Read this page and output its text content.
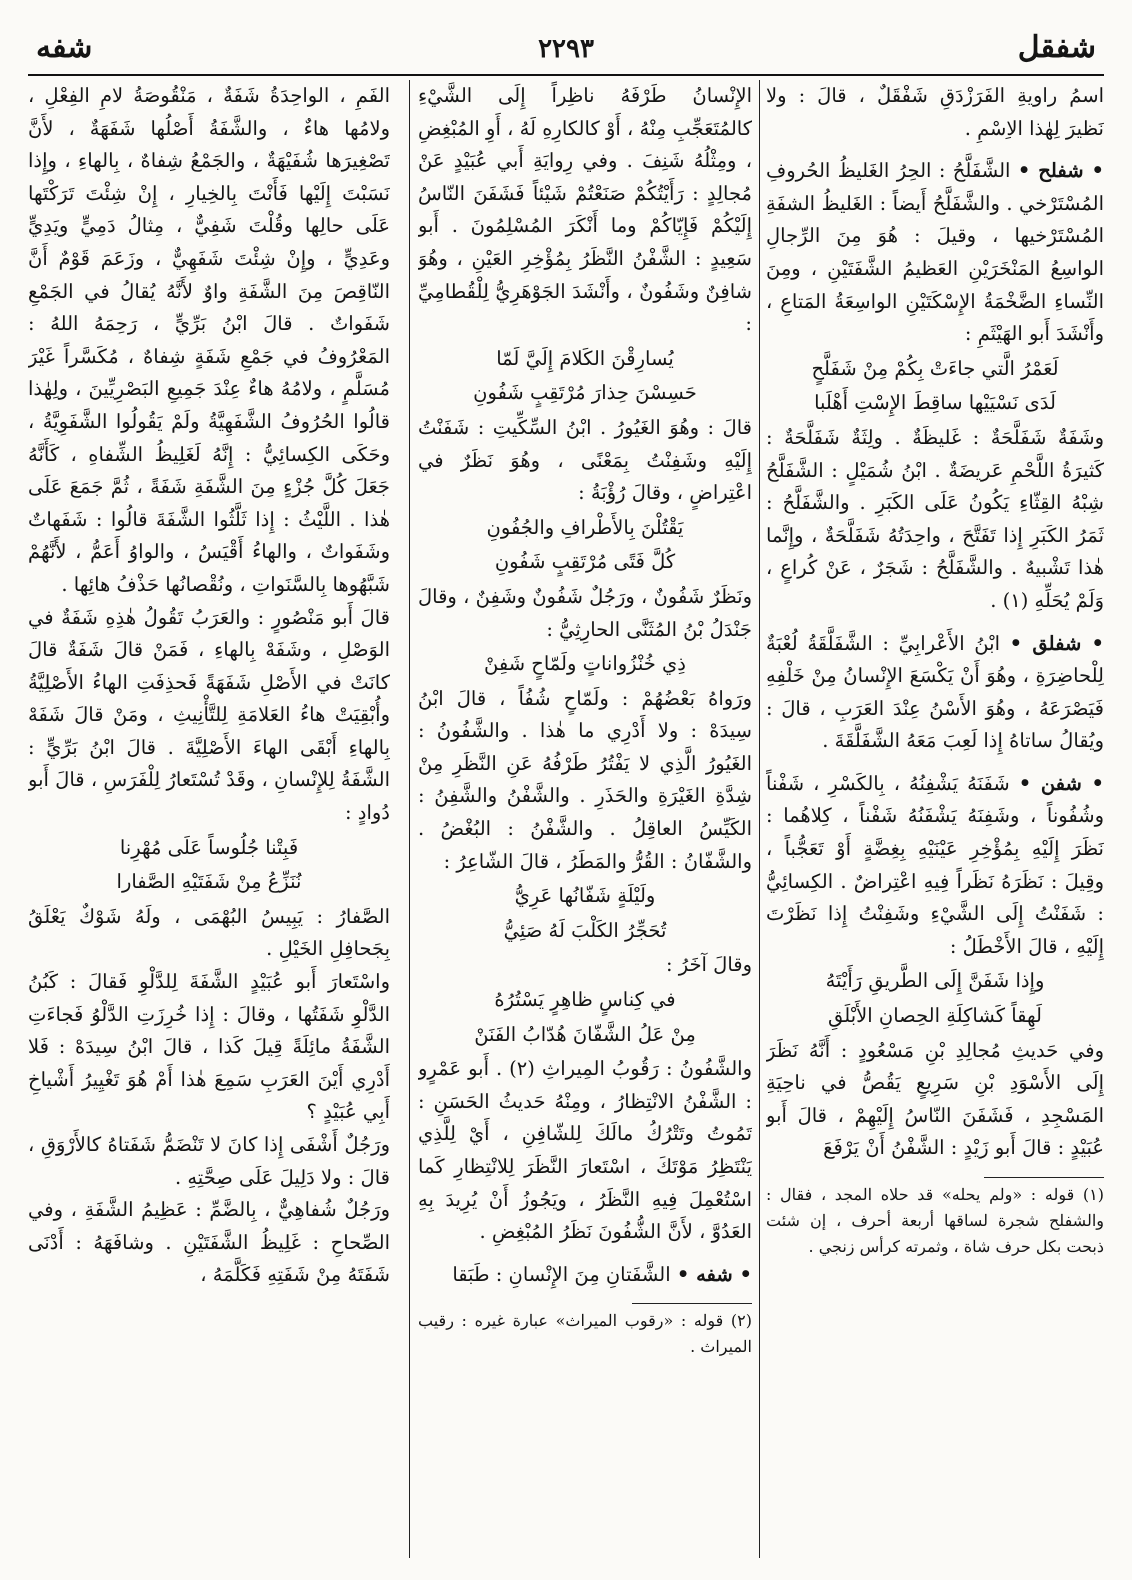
شفقل
٢٢٩٣
شفه

اسمُ راويةِ الفَرَزْدَقِ شَفْقَلٌ ، قالَ : ولا نَظيرَ لِهٰذا الاِسْمِ .

• شفلح • الشَّفَلَّحُ : الحِرُ الغَليظُ الحُروفِ المُسْتَرْخي . والشَّفَلَّحُ أَيضاً : الغَليظُ الشفَةِ المُسْتَرْخيها ، وقيلَ : هُوَ مِنَ الرِّجالِ الواسِعُ المَنْخَرَيْنِ العَظيمُ الشَّفَتَيْنِ ، ومِنَ النِّساءِ الضَّخْمَةُ الإِسْكَتَيْنِ الواسِعَةُ المَتاعِ ، وأَنْشَدَ أَبو الهَيْثَمِ :
لَعَمْرُ الَّتي جاءَتْ بِكُمْ مِنْ شَفَلَّحٍ
لَدَى نَسْيَيْها ساقِطَ الإِسْتِ أَهْلَبا

وشَفَةٌ شَفَلَّحَةٌ : غَليظَةٌ . ولِثَةٌ شَفَلَّحَةٌ : كَثيرَةُ اللَّحْمِ عَريضَةٌ . ابْنُ شُمَيْلٍ : الشَّفَلَّحُ شِبْهُ القِثّاءِ يَكُونُ عَلَى الكَبَرِ . والشَّفَلَّحُ : ثَمَرُ الكَبَرِ إِذا تَفَتَّحَ ، واحِدَتُهُ شَفَلَّحَةٌ ، وإِنَّما هٰذا تَشْبيهٌ . والشَّفَلَّحُ : شَجَرٌ ، عَنْ كُراعٍ ، وَلَمْ يُحَلِّهِ (١) .

• شفلق • ابْنُ الأَعْرابِيِّ : الشَّفَلَّقَةُ لُعْبَةٌ لِلْحاضِرَةِ ، وهُوَ أَنْ يَكْسَعَ الإِنْسانُ مِنْ خَلْفِهِ فَيَصْرَعَهُ ، وهُوَ الأَسْنُ عِنْدَ العَرَبِ ، قالَ : ويُقالُ ساتاهُ إِذا لَعِبَ مَعَهُ الشَّفَلَّقَةَ .
• شفن • شَفَنَهُ يَشْفِنُهُ ، بِالكَسْرِ ، شَفْناً وشُفُوناً ، وشَفِنَهُ يَشْفَنُهُ شَفْناً ، كِلاهُما : نَظَرَ إِلَيْهِ بِمُؤْخِرِ عَيْنَيْهِ بِغِضَّةٍ أَوْ تَعَجُّباً ، وقِيلَ : نَظَرَهُ نَظَراً فِيهِ اعْتِراضٌ . الكِسائِيُّ : شَفَنْتُ إِلَى الشَّيْءِ وشَفِنْتُ إِذا نَظَرْتَ إِلَيْهِ ، قالَ الأَخْطَلُ :
وإِذا شَفَنَّ إِلَى الطَّريقِ رَأَيْتَهُ
لَهِقاً كَشاكِلَةِ الحِصانِ الأَبْلَقِ

وفي حَديثِ مُجالِدِ بْنِ مَسْعُودٍ : أَنَّهُ نَظَرَ إِلَى الأَسْوَدِ بْنِ سَرِيعٍ يَقُصُّ في ناحِيَةِ المَسْجِدِ ، فَشَفَنَ النّاسُ إِلَيْهِمْ ، قالَ أَبو عُبَيْدٍ : قالَ أَبو زَيْدٍ : الشَّفْنُ أَنْ يَرْفَعَ

(١) قوله : «ولم يحله» قد حلاه المجد ، فقال : والشفلح شجرة لساقها أربعة أحرف ، إن شئت ذبحت بكل حرف شاة ، وثمرته كرأس زنجي .

الإِنْسانُ طَرْفَهُ ناظِراً إِلَى الشَّيْءِ كالمُتَعَجِّبِ مِنْهُ ، أَوْ كالكارِهِ لَهُ ، أَوِ المُبْغِضِ ، ومِثْلُهُ شَنِفَ . وفي رِوايَةِ أَبي عُبَيْدٍ عَنْ مُجالِدٍ : رَأَيْتُكُمْ صَنَعْتُمْ شَيْئاً فَشَفَنَ النّاسُ إِلَيْكُمْ فَإِيّاكُمْ وما أَنْكَرَ المُسْلِمُونَ . أَبو سَعِيدٍ : الشَّفْنُ النَّظَرُ بِمُؤْخِرِ العَيْنِ ، وهُوَ شافِنٌ وشَفُونٌ ، وأَنْشَدَ الجَوْهَرِيُّ لِلْقُطامِيِّ :

يُسارِقْنَ الكَلامَ إِلَيَّ لَمّا
حَسِسْنَ حِذارَ مُرْتَقِبٍ شَفُونِ

قالَ : وهُوَ الغَيُورُ . ابْنُ السِّكِّيتِ : شَفَنْتُ إِلَيْهِ وشَفِنْتُ بِمَعْنًى ، وهُوَ نَظَرٌ في اعْتِراضٍ ، وقالَ رُؤْبَةُ :

يَقْتُلْنَ بِالأَطْرافِ والجُفُونِ
كُلَّ فَتًى مُرْتَقِبٍ شَفُونِ

ونَظَرٌ شَفُونٌ ، ورَجُلٌ شَفُونٌ وشَفِنٌ ، وقالَ جَنْدَلُ بْنُ المُثَنَّى الحارِثِيُّ :

ذِي خُنْزُواناتٍ ولَمّاحٍ شَفِنْ

ورَواهُ بَعْضُهُمْ : ولَمّاحٍ شُفُاً ، قالَ ابْنُ سِيدَهْ : ولا أَدْرِي ما هٰذا . والشَّفُونُ : الغَيُورُ الَّذِي لا يَفْتُرُ طَرْفُهُ عَنِ النَّظَرِ مِنْ شِدَّةِ الغَيْرَةِ والحَذَرِ . والشَّفْنُ والشَّفِنُ : الكَيِّسُ العاقِلُ . والشَّفْنُ : البُغْضُ . والشَّفّانُ : القُرُّ والمَطَرُ ، قالَ الشّاعِرُ :

ولَيْلَةٍ شَفّانُها عَرِيُّ
تُحَجِّرُ الكَلْبَ لَهُ صَئِيُّ

وقالَ آخَرُ :

في كِناسٍ ظاهِرٍ يَسْتُرُهُ
مِنْ عَلُ الشَّفّانَ هُدّابُ الفَنَنْ

والشَّفُونُ : رَقُوبُ المِيراثِ (٢) . أَبو عَمْرٍو : الشَّفْنُ الانْتِظارُ ، ومِنْهُ حَديثُ الحَسَنِ : تَمُوتُ وتَتْرُكُ مالَكَ لِلشّافِنِ ، أَيْ لِلَّذِي يَنْتَظِرُ مَوْتَكَ ، اسْتَعارَ النَّظَرَ لِلانْتِظارِ كَما اسْتُعْمِلَ فِيهِ النَّظَرُ ، ويَجُوزُ أَنْ يُرِيدَ بِهِ العَدُوَّ ، لأَنَّ الشُّفُونَ نَظَرُ المُبْغِضِ .

• شفه • الشَّفَتانِ مِنَ الإِنْسانِ : طَبَقا

(٢) قوله : «رقوب الميراث» عبارة غيره : رقيب الميراث .

الفَمِ ، الواحِدَةُ شَفَةٌ ، مَنْقُوصَةُ لامِ الفِعْلِ ، ولامُها هاءٌ ، والشَّفَةُ أَصْلُها شَفَهَةٌ ، لأَنَّ تَصْغِيرَها شُفَيْهَةٌ ، والجَمْعُ شِفاهٌ ، بِالهاءِ ، وإِذا نَسَبْتَ إِلَيْها فَأَنْتَ بِالخِيارِ ، إِنْ شِئْتَ تَرَكْتَها عَلَى حالِها وقُلْتَ شَفِيٌّ ، مِثالُ دَمِيٍّ ويَدِيٍّ وعَدِيٍّ ، وإِنْ شِئْتَ شَفَهِيٌّ ، وزَعَمَ قَوْمٌ أَنَّ النّاقِصَ مِنَ الشَّفَةِ واوٌ لأَنَّهُ يُقالُ في الجَمْعِ شَفَواتٌ . قالَ ابْنُ بَرِّيٍّ ، رَحِمَهُ اللهُ : المَعْرُوفُ في جَمْعِ شَفَةٍ شِفاهٌ ، مُكَسَّراً غَيْرَ مُسَلَّمٍ ، ولامُهُ هاءٌ عِنْدَ جَمِيعِ البَصْرِيِّينَ ، ولِهٰذا قالُوا الحُرُوفُ الشَّفَهِيَّةُ ولَمْ يَقُولُوا الشَّفَوِيَّةُ ، وحَكَى الكِسائِيُّ : إِنَّهُ لَغَلِيظُ الشِّفاهِ ، كَأَنَّهُ جَعَلَ كُلَّ جُزْءٍ مِنَ الشَّفَةِ شَفَةً ، ثُمَّ جَمَعَ عَلَى هٰذا . اللَّيْثُ : إِذا ثَلَّثُوا الشَّفَةَ قالُوا : شَفَهاتٌ وشَفَواتٌ ، والهاءُ أَقْيَسُ ، والواوُ أَعَمُّ ، لأَنَّهُمْ شَبَّهُوها بِالسَّنَواتِ ، ونُقْصانُها حَذْفُ هائِها .

قالَ أَبو مَنْصُورٍ : والعَرَبُ تَقُولُ هٰذِهِ شَفَةٌ في الوَصْلِ ، وشَفَهْ بِالهاءِ ، فَمَنْ قالَ شَفَةٌ قالَ كانَتْ في الأَصْلِ شَفَهَةً فَحذِفَتِ الهاءُ الأَصْلِيَّةُ وأُبْقِيَتْ هاءُ العَلامَةِ لِلتَّأْنِيثِ ، ومَنْ قالَ شَفَهْ بِالهاءِ أَبْقَى الهاءَ الأَصْلِيَّةَ . قالَ ابْنُ بَرِّيٍّ : الشَّفَةُ لِلإِنْسانِ ، وقَدْ تُسْتَعارُ لِلْفَرَسِ ، قالَ أَبو دُوادٍ :

فَبِتْنا جُلُوساً عَلَى مُهْرِنا
نُنَزِّعُ مِنْ شَفَتَيْهِ الصَّفارا

الصَّفارُ : يَبِيسُ البُهْمَى ، ولَهُ شَوْكٌ يَعْلَقُ بِجَحافِلِ الخَيْلِ .

واسْتَعارَ أَبو عُبَيْدٍ الشَّفَةَ لِلدَّلْوِ فَقالَ : كَبُنُ الدَّلْوِ شَفَتُها ، وقالَ : إِذا خُرِزَتِ الدَّلْوُ فَجاءَتِ الشَّفَةُ مائِلَةً قِيلَ كَذا ، قالَ ابْنُ سِيدَهْ : فَلا أَدْرِي أَيْنَ العَرَبِ سَمِعَ هٰذا أَمْ هُوَ تَغْيِيرُ أَشْياخِ أَبِي عُبَيْدٍ ؟

ورَجُلٌ أَشْفَى إِذا كانَ لا تَنْضَمُّ شَفَتاهُ كالأَرْوَقِ ، قالَ : ولا دَلِيلَ عَلَى صِحَّتِهِ .

ورَجُلٌ شُفاهِيٌّ ، بِالضَّمِّ : عَظِيمُ الشَّفَةِ ، وفي الصِّحاحِ : غَلِيظُ الشَّفَتَيْنِ . وشافَهَهُ : أَدْنَى شَفَتَهُ مِنْ شَفَتِهِ فَكَلَّمَهُ ،
